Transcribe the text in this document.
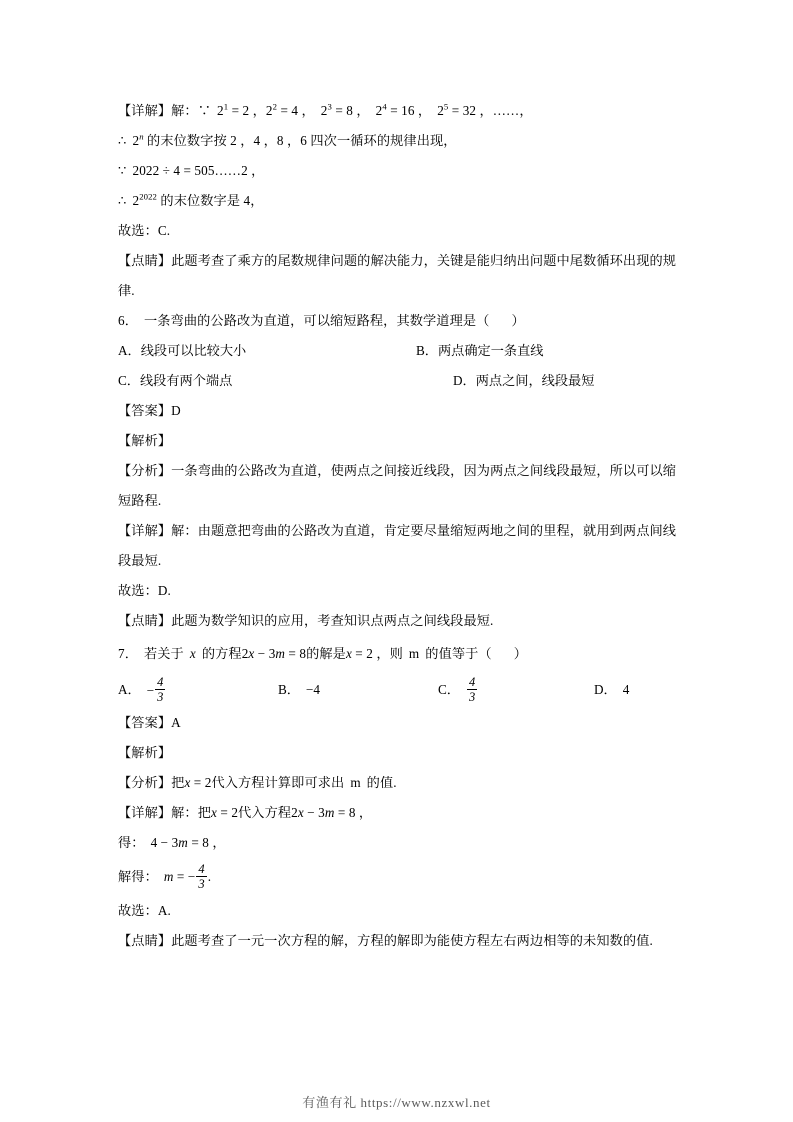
【详解】解：∵ $2^1 = 2$ ，$2^2 = 4$ ， $2^3 = 8$ ， $2^4 = 16$ ， $2^5 = 32$ ，……，
∴ 2$^n$ 的末位数字按 2 ，4 ，8 ，6 四次一循环的规律出现，
∵ 2022 ÷ 4 = 505……2 ，
∴ $2^{2022}$ 的末位数字是 4，
故选：C.
【点睛】此题考查了乘方的尾数规律问题的解决能力，关键是能归纳出问题中尾数循环出现的规律.
6． 一条弯曲的公路改为直道，可以缩短路程，其数学道理是（ ）
A．线段可以比较大小	B．两点确定一条直线
C．线段有两个端点	D．两点之间，线段最短
【答案】D
【解析】
【分析】一条弯曲的公路改为直道，使两点之间接近线段，因为两点之间线段最短，所以可以缩短路程.
【详解】解：由题意把弯曲的公路改为直道，肯定要尽量缩短两地之间的里程，就用到两点间线段最短.
故选：D.
【点睛】此题为数学知识的应用，考查知识点两点之间线段最短.
7． 若关于 x 的方程2x − 3m = 8的解是x = 2 ，则 m 的值等于（ ）
A． − $\frac{4}{3}$	B． −4	C． $\frac{4}{3}$	D． 4
【答案】A
【解析】
【分析】把x = 2代入方程计算即可求出 m 的值.
【详解】解：把x = 2代入方程2x − 3m = 8 ，
得： 4 − 3m = 8 ，
解得： m = − $\frac{4}{3}$ .
故选：A.
【点睛】此题考查了一元一次方程的解，方程的解即为能使方程左右两边相等的未知数的值.
有渔有礼 https://www.nzxwl.net
